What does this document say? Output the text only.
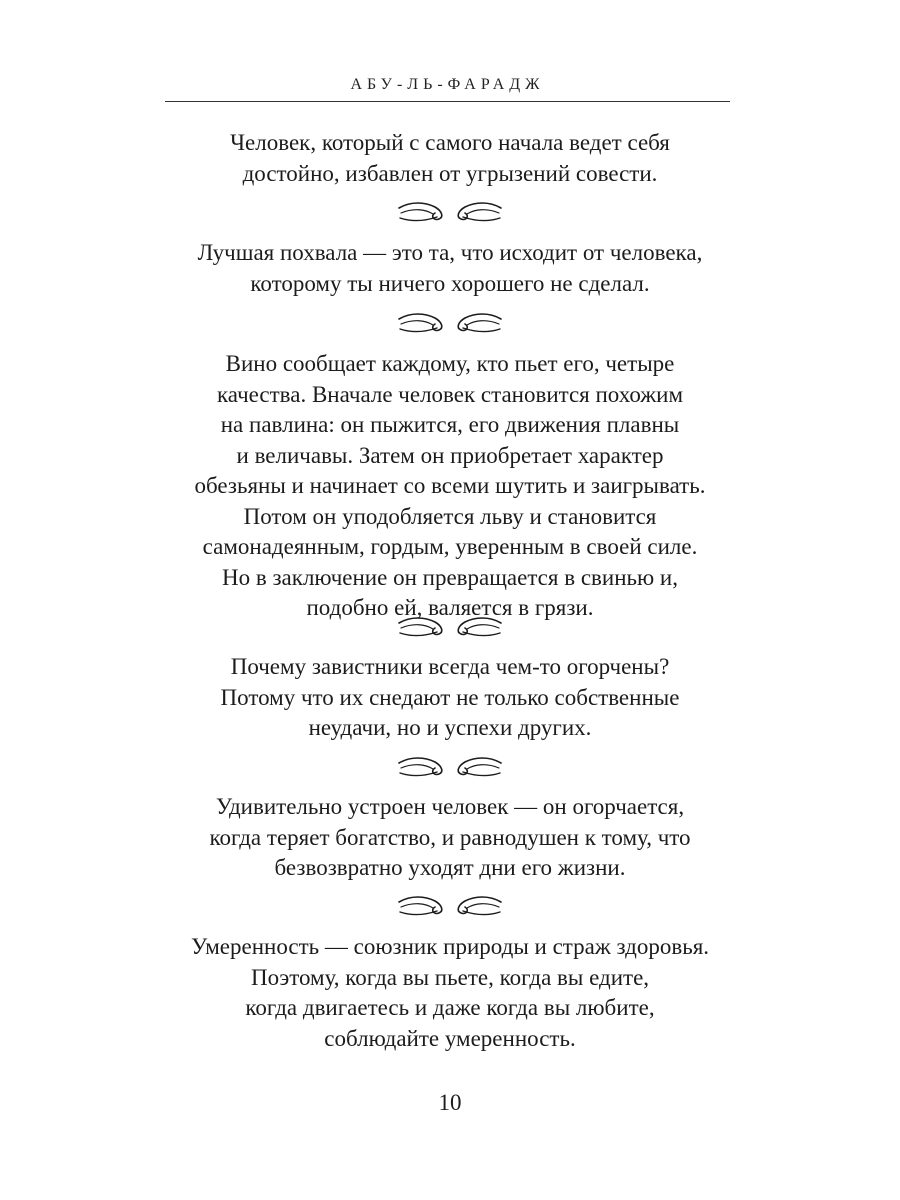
АБУ-ЛЬ-ФАРАДЖ
Человек, который с самого начала ведет себя
достойно, избавлен от угрызений совести.
Лучшая похвала — это та, что исходит от человека,
которому ты ничего хорошего не сделал.
Вино сообщает каждому, кто пьет его, четыре
качества. Вначале человек становится похожим
на павлина: он пыжится, его движения плавны
и величавы. Затем он приобретает характер
обезьяны и начинает со всеми шутить и заигрывать.
Потом он уподобляется льву и становится
самонадеянным, гордым, уверенным в своей силе.
Но в заключение он превращается в свинью и,
подобно ей, валяется в грязи.
Почему завистники всегда чем-то огорчены?
Потому что их снедают не только собственные
неудачи, но и успехи других.
Удивительно устроен человек — он огорчается,
когда теряет богатство, и равнодушен к тому, что
безвозвратно уходят дни его жизни.
Умеренность — союзник природы и страж здоровья.
Поэтому, когда вы пьете, когда вы едите,
когда двигаетесь и даже когда вы любите,
соблюдайте умеренность.
10
